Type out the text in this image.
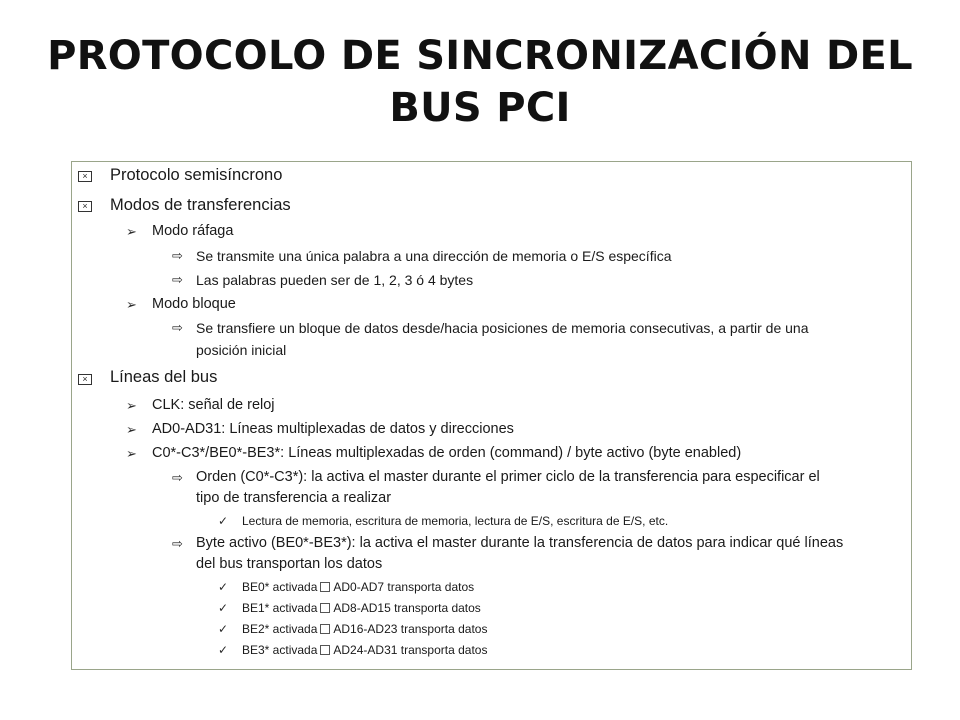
PROTOCOLO DE SINCRONIZACIÓN DEL
BUS PCI
× Protocolo semisíncrono
× Modos de transferencias
➢ Modo ráfaga
⇨ Se transmite una única palabra a una dirección de memoria o E/S específica
⇨ Las palabras pueden ser de 1, 2, 3 ó 4 bytes
➢ Modo bloque
⇨ Se transfiere un bloque de datos desde/hacia posiciones de memoria consecutivas, a partir de una
posición inicial
× Líneas del bus
➢ CLK: señal de reloj
➢ AD0-AD31: Líneas multiplexadas de datos y direcciones
➢ C0*-C3*/BE0*-BE3*: Líneas multiplexadas de orden (command) / byte activo (byte enabled)
⇨ Orden (C0*-C3*): la activa el master durante el primer ciclo de la transferencia para especificar el
tipo de transferencia a realizar
✓ Lectura de memoria, escritura de memoria, lectura de E/S, escritura de E/S, etc.
⇨ Byte activo (BE0*-BE3*): la activa el master durante la transferencia de datos para indicar qué líneas
del bus transportan los datos
✓ BE0* activada AD0-AD7 transporta datos
✓ BE1* activada AD8-AD15 transporta datos
✓ BE2* activada AD16-AD23 transporta datos
✓ BE3* activada AD24-AD31 transporta datos
